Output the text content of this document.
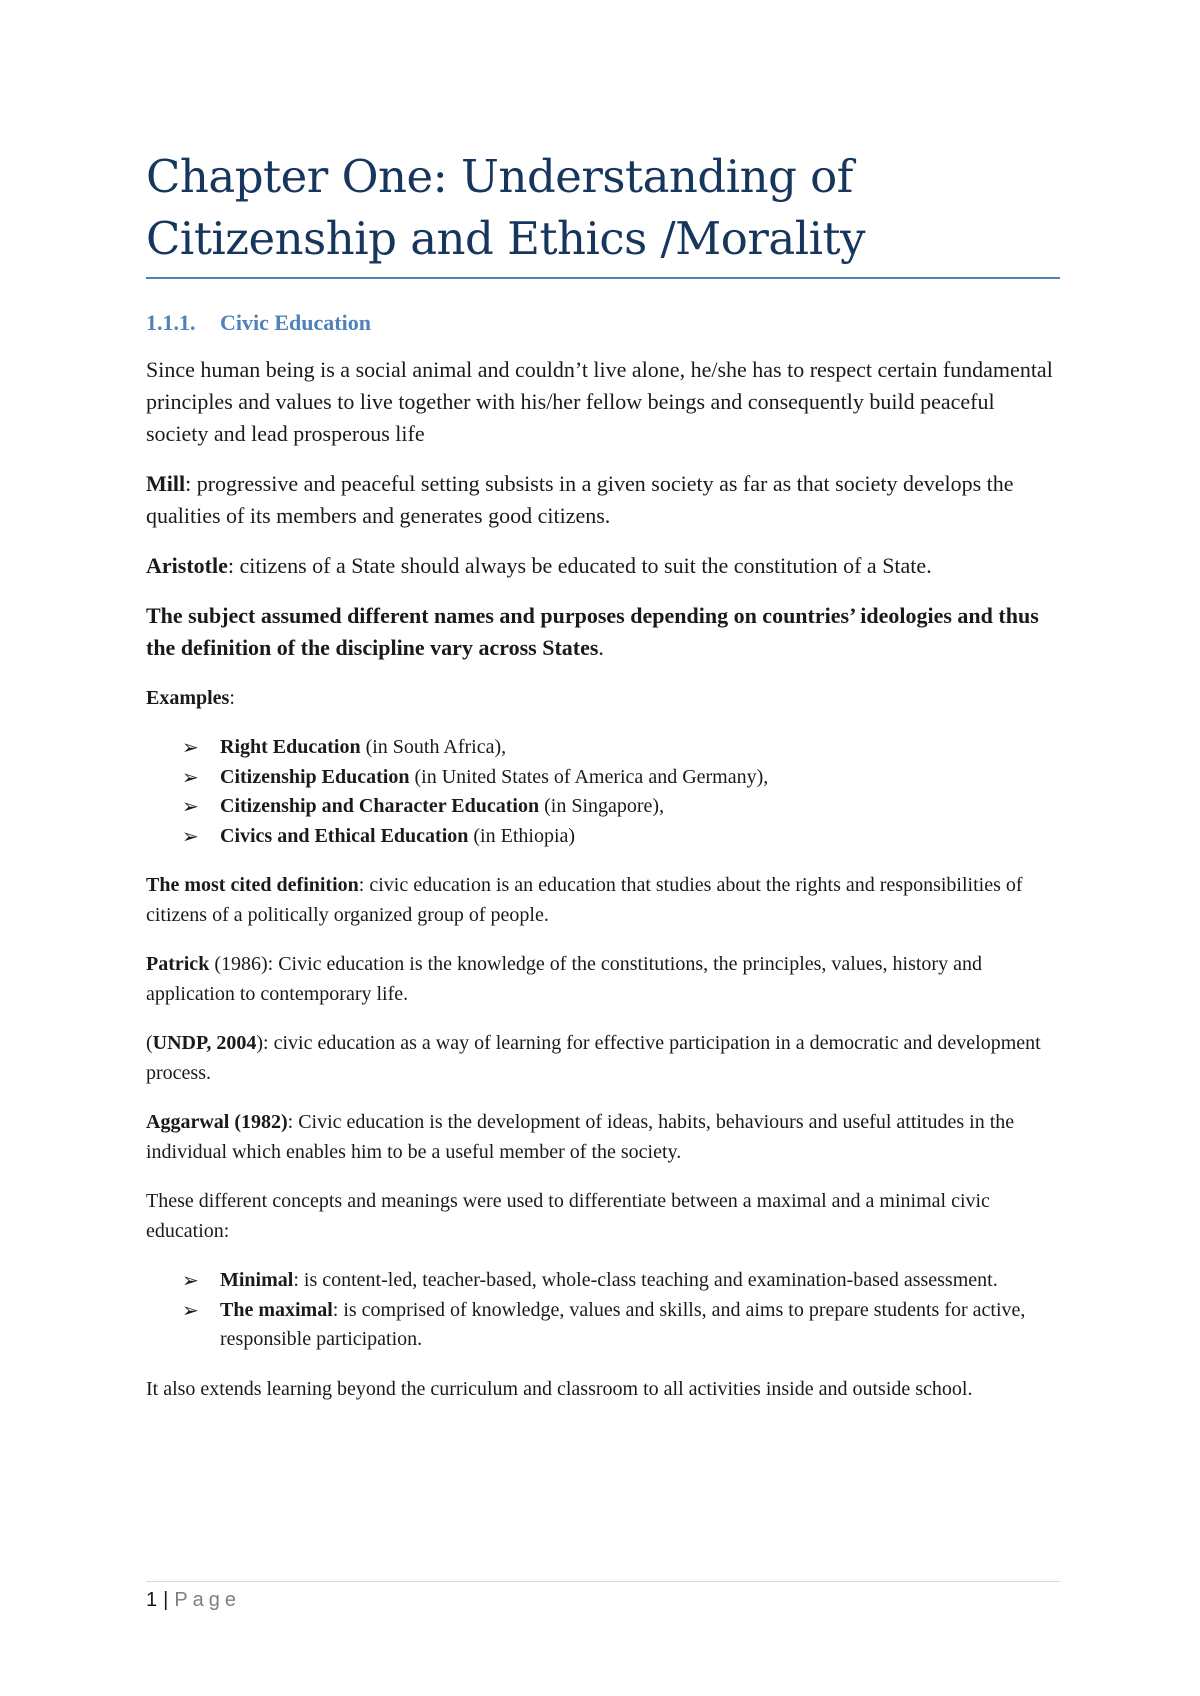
Chapter One: Understanding of
Citizenship and Ethics /Morality
1.1.1. Civic Education

Since human being is a social animal and couldn’t live alone, he/she has to respect certain fundamental principles and values to live together with his/her fellow beings and consequently build peaceful society and lead prosperous life

Mill: progressive and peaceful setting subsists in a given society as far as that society develops the qualities of its members and generates good citizens.

Aristotle: citizens of a State should always be educated to suit the constitution of a State.

The subject assumed different names and purposes depending on countries’ ideologies and thus the definition of the discipline vary across States.

Examples:

➢ Right Education (in South Africa),
➢ Citizenship Education (in United States of America and Germany),
➢ Citizenship and Character Education (in Singapore),
➢ Civics and Ethical Education (in Ethiopia)

The most cited definition: civic education is an education that studies about the rights and responsibilities of citizens of a politically organized group of people.

Patrick (1986): Civic education is the knowledge of the constitutions, the principles, values, history and application to contemporary life.

(UNDP, 2004): civic education as a way of learning for effective participation in a democratic and development process.

Aggarwal (1982): Civic education is the development of ideas, habits, behaviours and useful attitudes in the individual which enables him to be a useful member of the society.

These different concepts and meanings were used to differentiate between a maximal and a minimal civic education:

➢ Minimal: is content-led, teacher-based, whole-class teaching and examination-based assessment.
➢ The maximal: is comprised of knowledge, values and skills, and aims to prepare students for active, responsible participation.

It also extends learning beyond the curriculum and classroom to all activities inside and outside school.

1 | Page
